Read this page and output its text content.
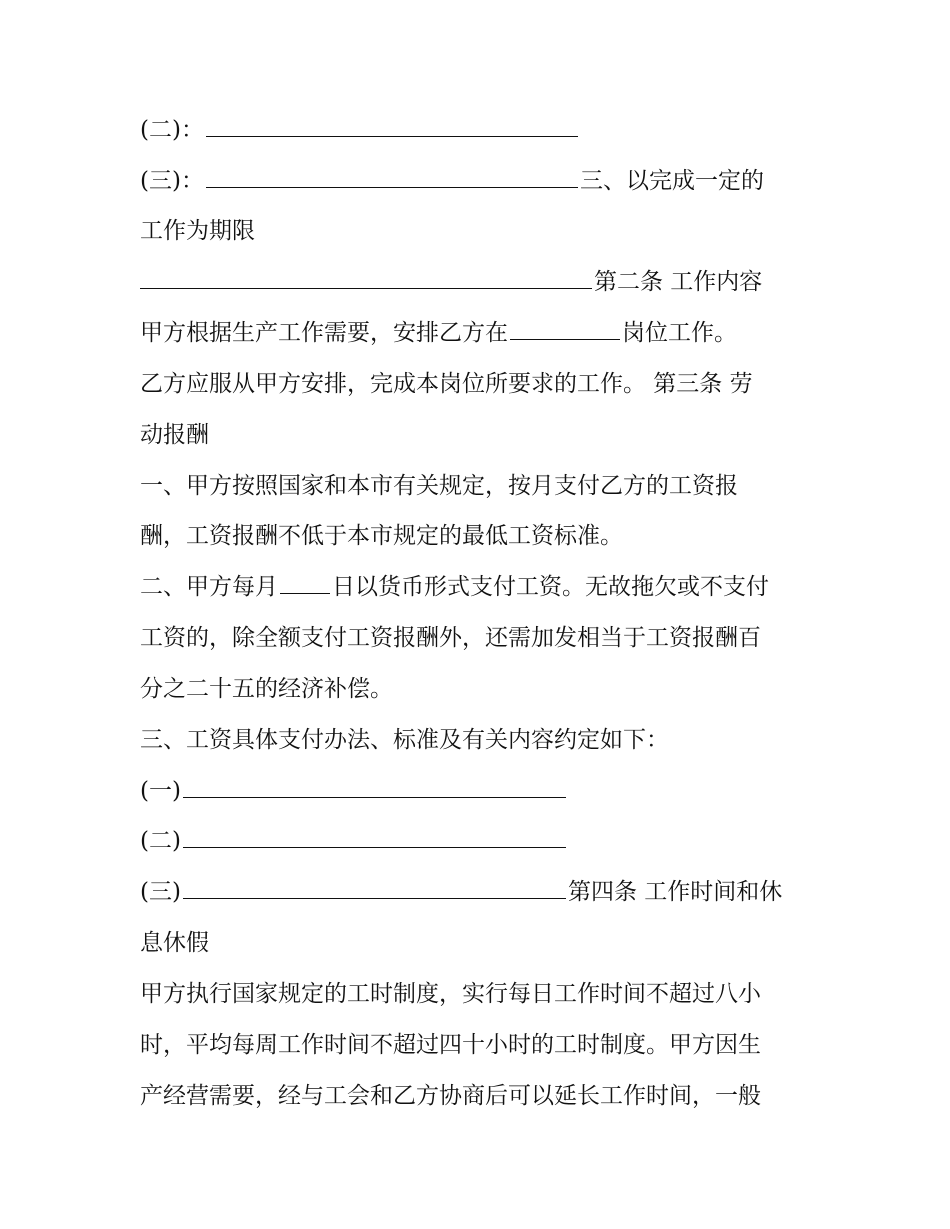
(二)：
(三)：	三、以完成一定的
工作为期限
第二条 工作内容
甲方根据生产工作需要，安排乙方在	岗位工作。
乙方应服从甲方安排，完成本岗位所要求的工作。 第三条 劳
动报酬
一、甲方按照国家和本市有关规定，按月支付乙方的工资报
酬，工资报酬不低于本市规定的最低工资标准。
二、甲方每月 日以货币形式支付工资。无故拖欠或不支付
工资的，除全额支付工资报酬外，还需加发相当于工资报酬百
分之二十五的经济补偿。
三、工资具体支付办法、标准及有关内容约定如下：
(一)
(二)
(三)	第四条 工作时间和休
息休假
甲方执行国家规定的工时制度，实行每日工作时间不超过八小
时，平均每周工作时间不超过四十小时的工时制度。甲方因生
产经营需要，经与工会和乙方协商后可以延长工作时间，一般
